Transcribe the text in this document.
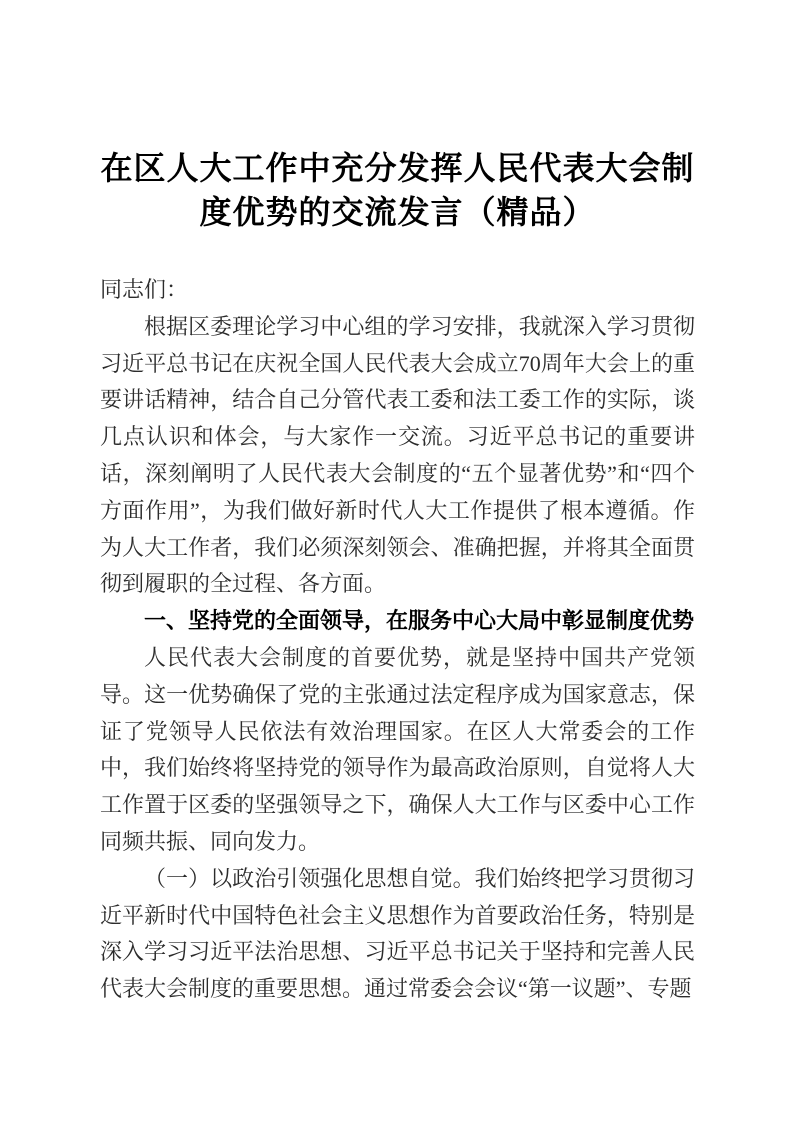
在区人大工作中充分发挥人民代表大会制
度优势的交流发言（精品）

同志们：

根据区委理论学习中心组的学习安排，我就深入学习贯彻习近平总书记在庆祝全国人民代表大会成立70周年大会上的重要讲话精神，结合自己分管代表工委和法工委工作的实际，谈几点认识和体会，与大家作一交流。习近平总书记的重要讲话，深刻阐明了人民代表大会制度的“五个显著优势”和“四个方面作用”，为我们做好新时代人大工作提供了根本遵循。作为人大工作者，我们必须深刻领会、准确把握，并将其全面贯彻到履职的全过程、各方面。

一、坚持党的全面领导，在服务中心大局中彰显制度优势

人民代表大会制度的首要优势，就是坚持中国共产党领导。这一优势确保了党的主张通过法定程序成为国家意志，保证了党领导人民依法有效治理国家。在区人大常委会的工作中，我们始终将坚持党的领导作为最高政治原则，自觉将人大工作置于区委的坚强领导之下，确保人大工作与区委中心工作同频共振、同向发力。

（一）以政治引领强化思想自觉。我们始终把学习贯彻习近平新时代中国特色社会主义思想作为首要政治任务，特别是深入学习习近平法治思想、习近平总书记关于坚持和完善人民代表大会制度的重要思想。通过常委会会议“第一议题”、专题
